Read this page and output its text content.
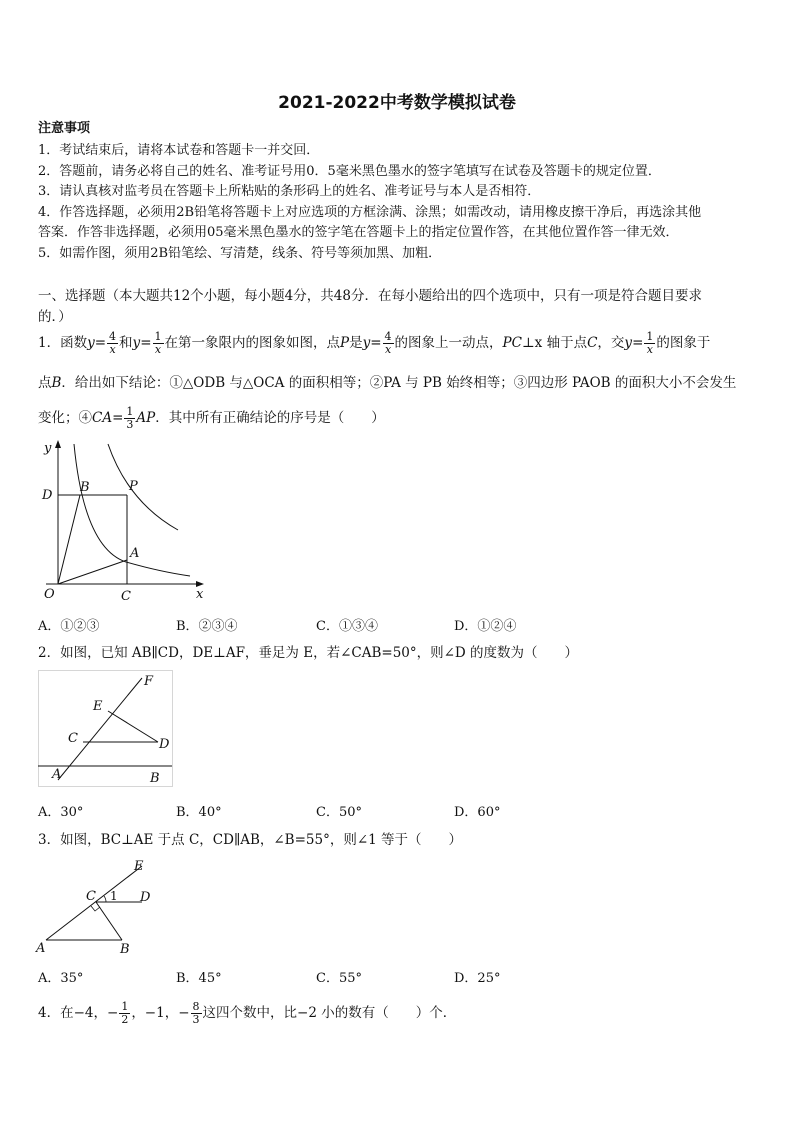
2021-2022中考数学模拟试卷
注意事项
1．考试结束后，请将本试卷和答题卡一并交回．
2．答题前，请务必将自己的姓名、准考证号用0．5毫米黑色墨水的签字笔填写在试卷及答题卡的规定位置．
3．请认真核对监考员在答题卡上所粘贴的条形码上的姓名、准考证号与本人是否相符．
4．作答选择题，必须用2B铅笔将答题卡上对应选项的方框涂满、涂黑；如需改动，请用橡皮擦干净后，再选涂其他
答案．作答非选择题，必须用05毫米黑色墨水的签字笔在答题卡上的指定位置作答，在其他位置作答一律无效．
5．如需作图，须用2B铅笔绘、写清楚，线条、符号等须加黑、加粗．
一、选择题（本大题共12个小题，每小题4分，共48分．在每小题给出的四个选项中，只有一项是符合题目要求
的．）
1．函数$y= \frac{4}{x}$ 和$y= \frac{1}{x}$ 在第一象限内的图象如图，点P是$y= \frac{4}{x}$ 的图象上一动点，PC⊥x 轴于点C，交$y= \frac{1}{x}$ 的图象于
点B．给出如下结论：①△ODB 与△OCA 的面积相等；②PA 与 PB 始终相等；③四边形 PAOB 的面积大小不会发生
变化；④CA= $\frac{1}{3}$ AP．其中所有正确结论的序号是（　　）
y
x
O
D
B	P
A
C
A．①②③	B．②③④	C．①③④	D．①②④
2．如图，已知 AB∥CD，DE⊥AF，垂足为 E，若∠CAB=50°，则∠D 的度数为（　　）
F
E
C	D
A	B
A．30°	B．40°	C．50°	D．60°
3．如图，BC⊥AE 于点 C，CD∥AB，∠B=55°，则∠1 等于（　　）
E
C 1 D
A	B
A．35°	B．45°	C．55°	D．25°
4．在−4，− $\frac{1}{2}$ ，−1，− $\frac{8}{3}$ 这四个数中，比−2 小的数有（　　）个．
